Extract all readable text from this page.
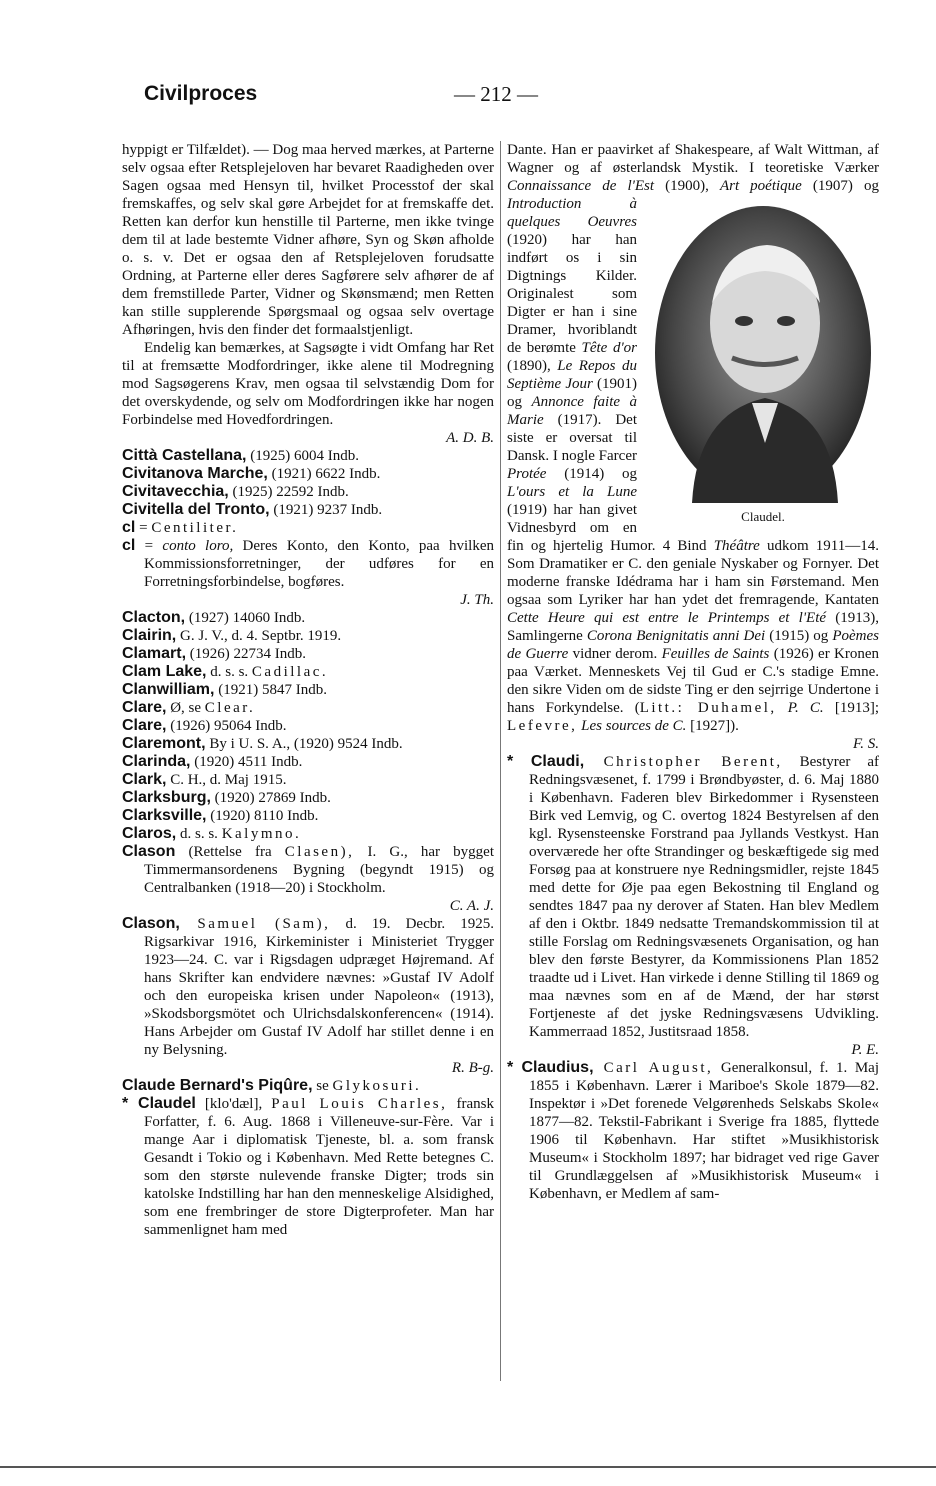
Civilproces	— 212 —

hyppigt er Tilfældet). — Dog maa herved mærkes, at Parterne selv ogsaa efter Retsplejeloven har bevaret Raadigheden over Sagen ogsaa med Hensyn til, hvilket Processtof der skal fremskaffes, og selv skal gøre Arbejdet for at fremskaffe det. Retten kan derfor kun henstille til Parterne, men ikke tvinge dem til at lade bestemte Vidner afhøre, Syn og Skøn afholde o. s. v. Det er ogsaa den af Retsplejeloven forudsatte Ordning, at Parterne eller deres Sagførere selv afhører de af dem fremstillede Parter, Vidner og Skønsmænd; men Retten kan stille supplerende Spørgsmaal og ogsaa selv overtage Afhøringen, hvis den finder det formaalstjenligt.

Endelig kan bemærkes, at Sagsøgte i vidt Omfang har Ret til at fremsætte Modfordringer, ikke alene til Modregning mod Sagsøgerens Krav, men ogsaa til selvstændig Dom for det overskydende, og selv om Modfordringen ikke har nogen Forbindelse med Hovedfordringen.

A. D. B.

Città Castellana, (1925) 6004 Indb.

Civitanova Marche, (1921) 6622 Indb.

Civitavecchia, (1925) 22592 Indb.

Civitella del Tronto, (1921) 9237 Indb.

cl = Centiliter.

cl = conto loro, Deres Konto, den Konto, paa hvilken Kommissionsforretninger, der udføres for en Forretningsforbindelse, bogføres.

J. Th.

Clacton, (1927) 14060 Indb.

Clairin, G. J. V., d. 4. Septbr. 1919.

Clamart, (1926) 22734 Indb.

Clam Lake, d. s. s. Cadillac.

Clanwilliam, (1921) 5847 Indb.

Clare, Ø, se Clear.

Clare, (1926) 95064 Indb.

Claremont, By i U. S. A., (1920) 9524 Indb.

Clarinda, (1920) 4511 Indb.

Clark, C. H., d. Maj 1915.

Clarksburg, (1920) 27869 Indb.

Clarksville, (1920) 8110 Indb.

Claros, d. s. s. Kalymno.

Clason (Rettelse fra Clasen), I. G., har bygget Timmermansordenens Bygning (begyndt 1915) og Centralbanken (1918—20) i Stockholm.

C. A. J.

Clason, Samuel (Sam), d. 19. Decbr. 1925. Rigsarkivar 1916, Kirkeminister i Ministeriet Trygger 1923—24. C. var i Rigsdagen udpræget Højremand. Af hans Skrifter kan endvidere nævnes: »Gustaf IV Adolf och den europeiska krisen under Napoleon« (1913), »Skodsborgsmötet och Ulrichsdalskonferencen« (1914). Hans Arbejder om Gustaf IV Adolf har stillet denne i en ny Belysning.

R. B-g.

Claude Bernard's Piqûre, se Glykosuri.

* Claudel [klo'dæl], Paul Louis Charles, fransk Forfatter, f. 6. Aug. 1868 i Villeneuve-sur-Fère. Var i mange Aar i diplomatisk Tjeneste, bl. a. som fransk Gesandt i Tokio og i København. Med Rette betegnes C. som den største nulevende franske Digter; trods sin katolske Indstilling har han den menneskelige Alsidighed, som ene frembringer de store Digterprofeter. Man har sammenlignet ham med

Dante. Han er paavirket af Shakespeare, af Walt Wittman, af Wagner og af østerlandsk Mystik. I teoretiske Værker Connaissance de l'Est
Claudel.
(1900), Art poétique (1907) og Introduction à quelques Oeuvres (1920) har han indført os i sin Digtnings Kilder. Originalest som Digter er han i sine Dramer, hvoriblandt de berømte Tête d'or (1890), Le Repos du Septième Jour (1901) og Annonce faite à Marie (1917). Det siste er oversat til Dansk. I nogle Farcer Protée (1914) og L'ours et la Lune (1919) har han givet Vidnesbyrd om en fin og hjertelig Humor. 4 Bind Théâtre udkom 1911—14. Som Dramatiker er C. den geniale Nyskaber og Fornyer. Det moderne franske Idédrama har i ham sin Førstemand. Men ogsaa som Lyriker har han ydet det fremragende, Kantaten Cette Heure qui est entre le Printemps et l'Eté (1913), Samlingerne Corona Benignitatis anni Dei (1915) og Poèmes de Guerre vidner derom. Feuilles de Saints (1926) er Kronen paa Værket. Menneskets Vej til Gud er C.'s stadige Emne. den sikre Viden om de sidste Ting er den sejrrige Undertone i hans Forkyndelse. (Litt.: Duhamel, P. C. [1913]; Lefevre, Les sources de C. [1927]).

F. S.

* Claudi, Christopher Berent, Bestyrer af Redningsvæsenet, f. 1799 i Brøndbyøster, d. 6. Maj 1880 i København. Faderen blev Birkedommer i Rysensteen Birk ved Lemvig, og C. overtog 1824 Bestyrelsen af den kgl. Rysensteenske Forstrand paa Jyllands Vestkyst. Han overværede her ofte Strandinger og beskæftigede sig med Forsøg paa at konstruere nye Redningsmidler, rejste 1845 med dette for Øje paa egen Bekostning til England og sendtes 1847 paa ny derover af Staten. Han blev Medlem af den i Oktbr. 1849 nedsatte Tremandskommission til at stille Forslag om Redningsvæsenets Organisation, og han blev den første Bestyrer, da Kommissionens Plan 1852 traadte ud i Livet. Han virkede i denne Stilling til 1869 og maa nævnes som en af de Mænd, der har størst Fortjeneste af det jyske Redningsvæsens Udvikling. Kammerraad 1852, Justitsraad 1858.

P. E.

* Claudius, Carl August, Generalkonsul, f. 1. Maj 1855 i København. Lærer i Mariboe's Skole 1879—82. Inspektør i »Det forenede Velgørenheds Selskabs Skole« 1877—82. Tekstil-Fabrikant i Sverige fra 1885, flyttede 1906 til København. Har stiftet »Musikhistorisk Museum« i Stockholm 1897; har bidraget ved rige Gaver til Grundlæggelsen af »Musikhistorisk Museum« i København, er Medlem af sam-
